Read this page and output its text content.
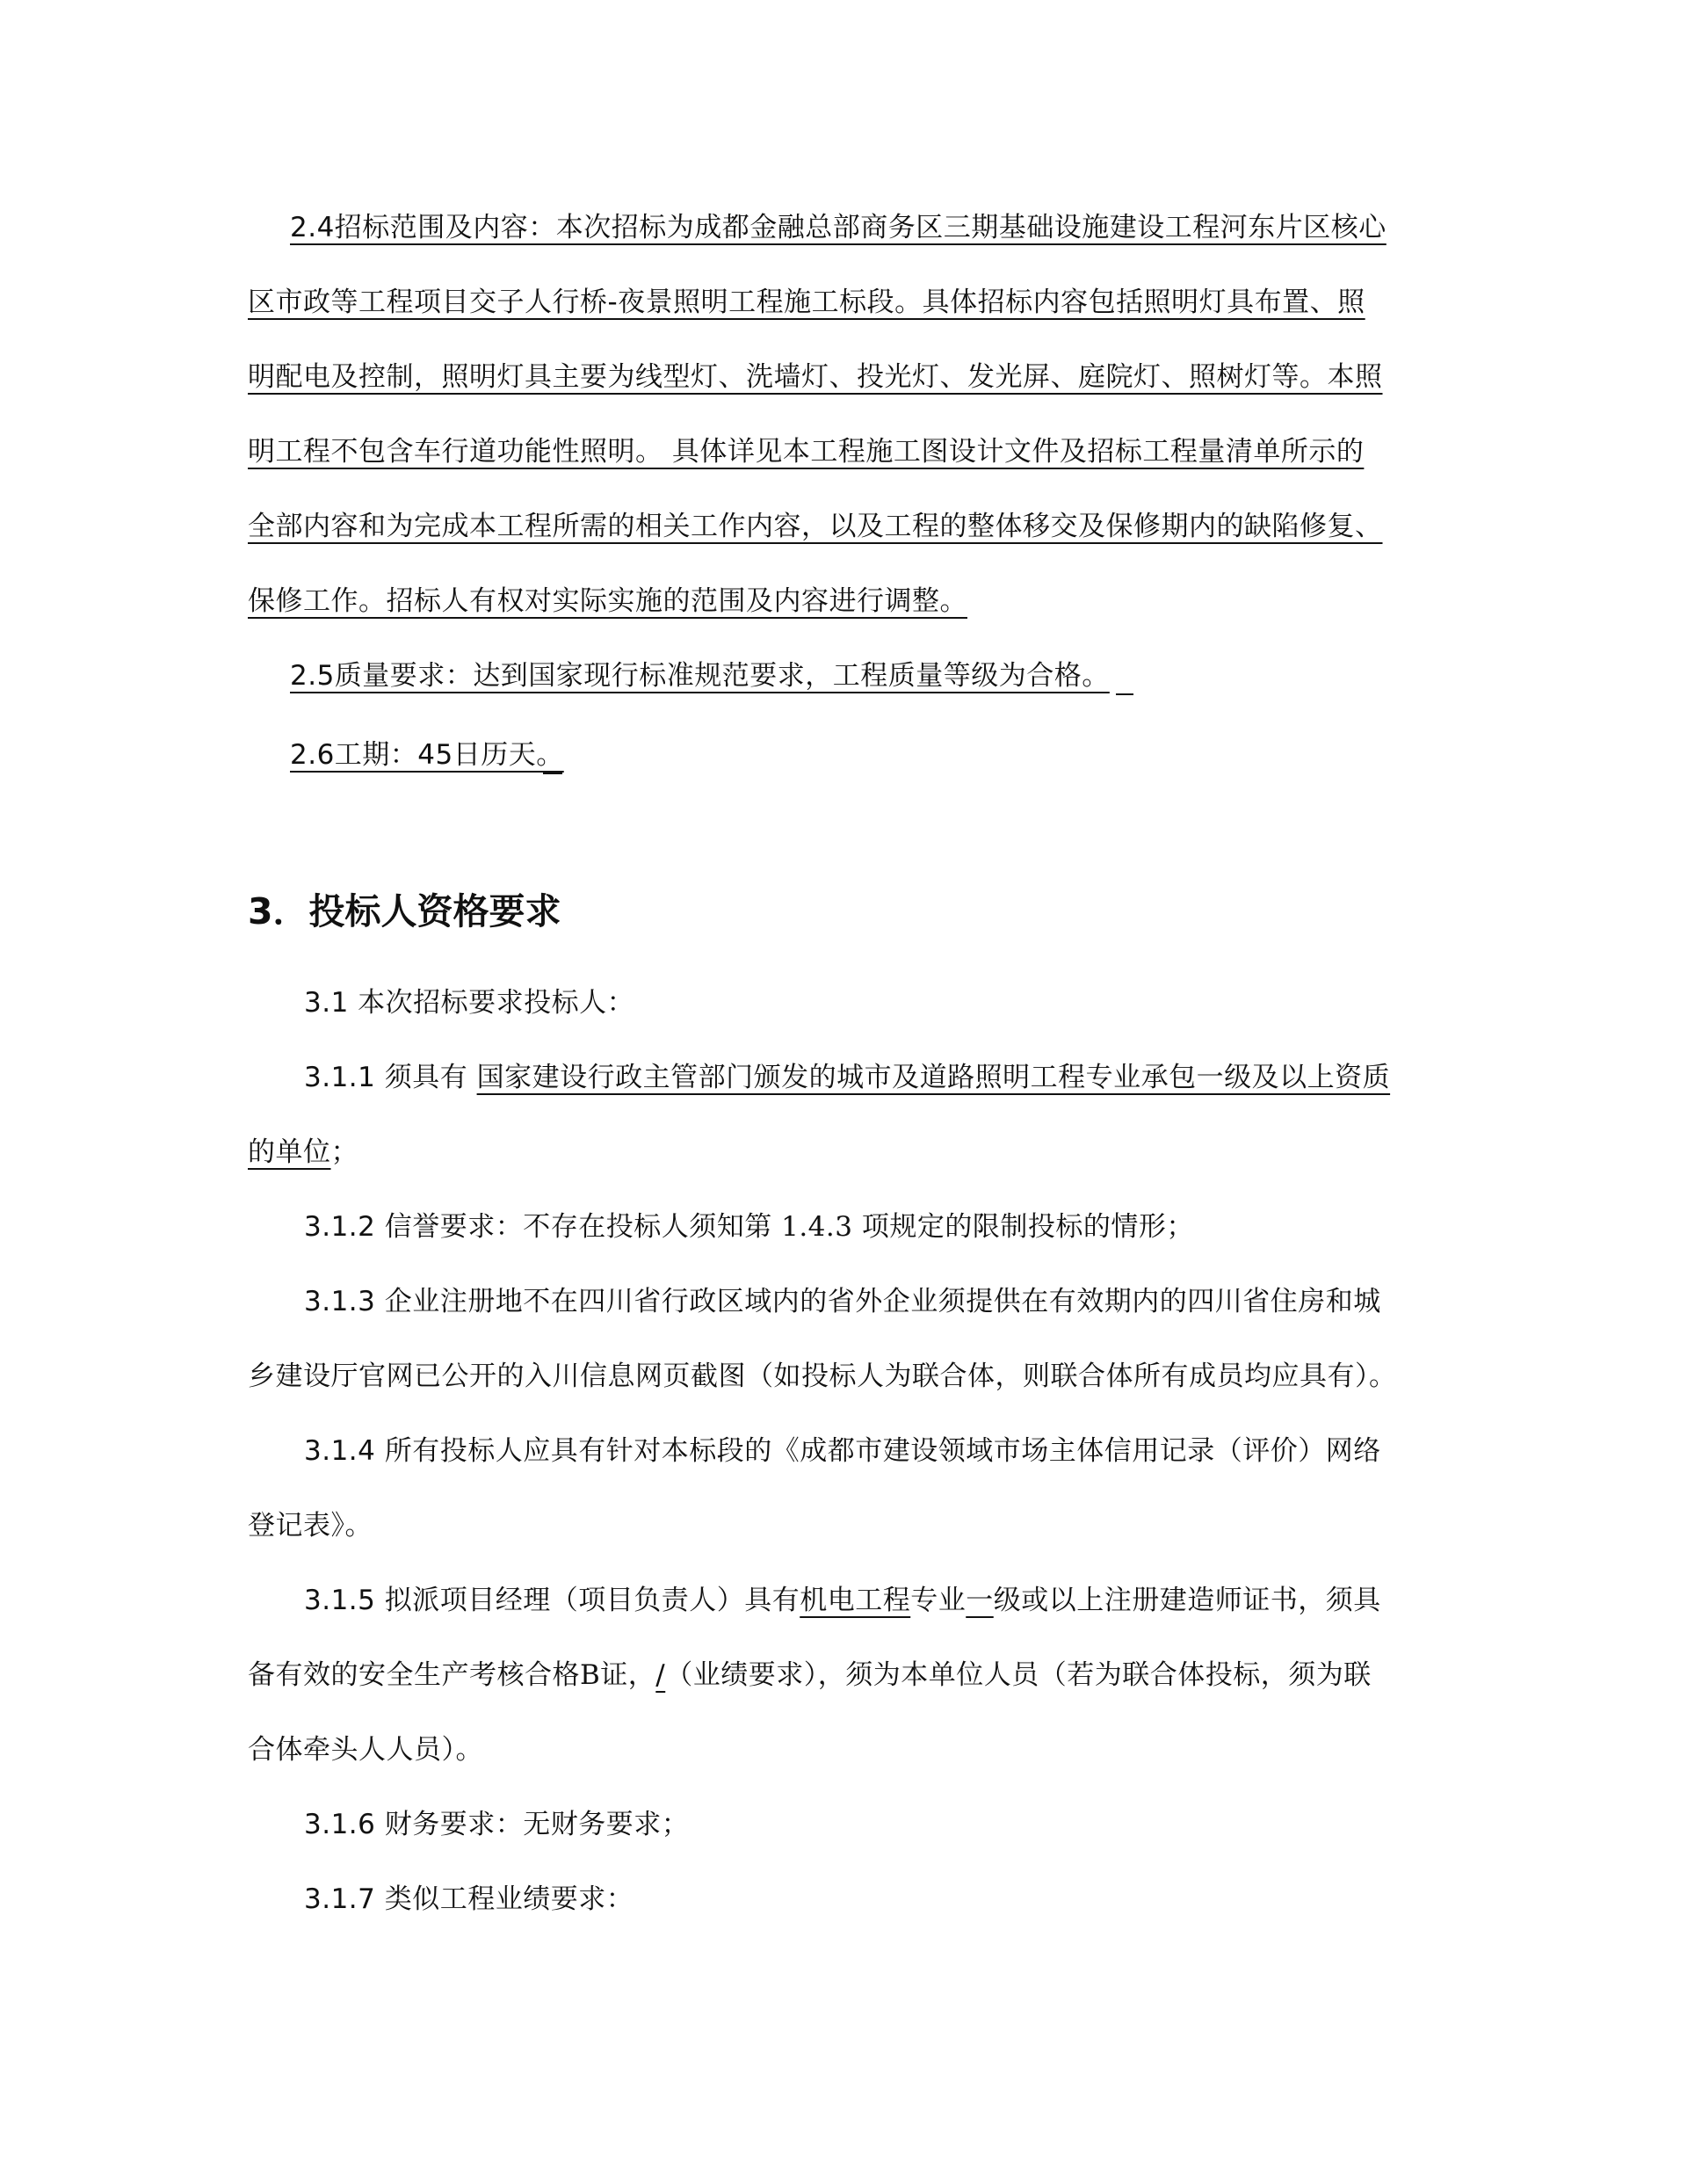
2.4招标范围及内容：本次招标为成都金融总部商务区三期基础设施建设工程河东片区核心
区市政等工程项目交子人行桥-夜景照明工程施工标段。具体招标内容包括照明灯具布置、照
明配电及控制，照明灯具主要为线型灯、洗墙灯、投光灯、发光屏、庭院灯、照树灯等。本照
明工程不包含车行道功能性照明。 具体详见本工程施工图设计文件及招标工程量清单所示的
全部内容和为完成本工程所需的相关工作内容，以及工程的整体移交及保修期内的缺陷修复、
保修工作。招标人有权对实际实施的范围及内容进行调整。
2.5质量要求：达到国家现行标准规范要求，工程质量等级为合格。
2.6工期：45日历天。
3．投标人资格要求
3.1 本次招标要求投标人：
3.1.1 须具有 国家建设行政主管部门颁发的城市及道路照明工程专业承包一级及以上资质
的单位；
3.1.2 信誉要求：不存在投标人须知第 1.4.3 项规定的限制投标的情形；
3.1.3 企业注册地不在四川省行政区域内的省外企业须提供在有效期内的四川省住房和城
乡建设厅官网已公开的入川信息网页截图（如投标人为联合体，则联合体所有成员均应具有）。
3.1.4 所有投标人应具有针对本标段的《成都市建设领域市场主体信用记录（评价）网络
登记表》。
3.1.5 拟派项目经理（项目负责人）具有机电工程专业一级或以上注册建造师证书，须具
备有效的安全生产考核合格B证，/（业绩要求），须为本单位人员（若为联合体投标，须为联
合体牵头人人员）。
3.1.6 财务要求：无财务要求；
3.1.7 类似工程业绩要求：
